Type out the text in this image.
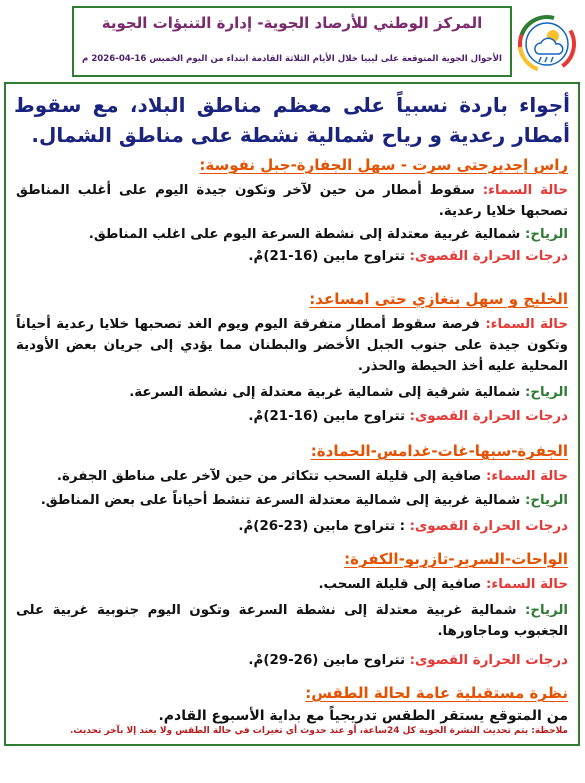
المركز الوطني للأرصاد الجوية- إدارة التنبؤات الجوية
الأحوال الجوية المتوقعة على ليبيا خلال الأيام الثلاثة القادمة ابتداء من اليوم الخميس 16-04-2026 م
أجواء باردة نسبياً على معظم مناطق البلاد، مع سقوط أمطار رعدية و رياح شمالية نشطة على مناطق الشمال.
راس إجديرحتى سرت - سهل الجفارة-جبل نفوسة:
حالة السماء: سقوط أمطار من حين لآخر وتكون جيدة اليوم على أغلب المناطق تصحبها خلايا رعدية.
الرياح: شمالية غربية معتدلة إلى نشطة السرعة اليوم على اغلب المناطق.
درجات الحرارة القصوى: تتراوح مابين (16-21)مْ.
الخليج و سهل بنغازي حتى امساعد:
حالة السماء: فرصة سقوط أمطار متفرقة اليوم ويوم الغد تصحبها خلايا رعدية أحياناً وتكون جيدة على جنوب الجبل الأخضر والبطنان مما يؤدي إلى جريان بعض الأودية المحلية عليه أخذ الحيطة والحذر.
الرياح: شمالية شرقية إلى شمالية غربية معتدلة إلى نشطة السرعة.
درجات الحرارة القصوى: تتراوح مابين (16-21)مْ.
الجفرة-سبها-غات-غدامس-الحمادة:
حالة السماء: صافية إلى قليلة السحب تتكاثر من حين لآخر على مناطق الجفرة.
الرياح: شمالية غربية إلى شمالية معتدلة السرعة تنشط أحياناً على بعض المناطق.
درجات الحرارة القصوى: : تتراوح مابين (23-26)مْ.
الواحات-السرير-تازربو-الكفرة:
حالة السماء: صافية إلى قليلة السحب.
الرياح: شمالية غربية معتدلة إلى نشطة السرعة وتكون اليوم جنوبية غربية على الجغبوب وماجاورها.
درجات الحرارة القصوى: تتراوح مابين (26-29)مْ.
نظرة مستقبلية عامة لحالة الطقس:
من المتوقع يستقر الطقس تدريجياً مع بداية الأسبوع القادم.
ملاحظة: يتم تحديث النشرة الجوية كل 24ساعة، أو عند حدوث أي تغيرات في حالة الطقس ولا يعتد إلا بآخر تحديث.
